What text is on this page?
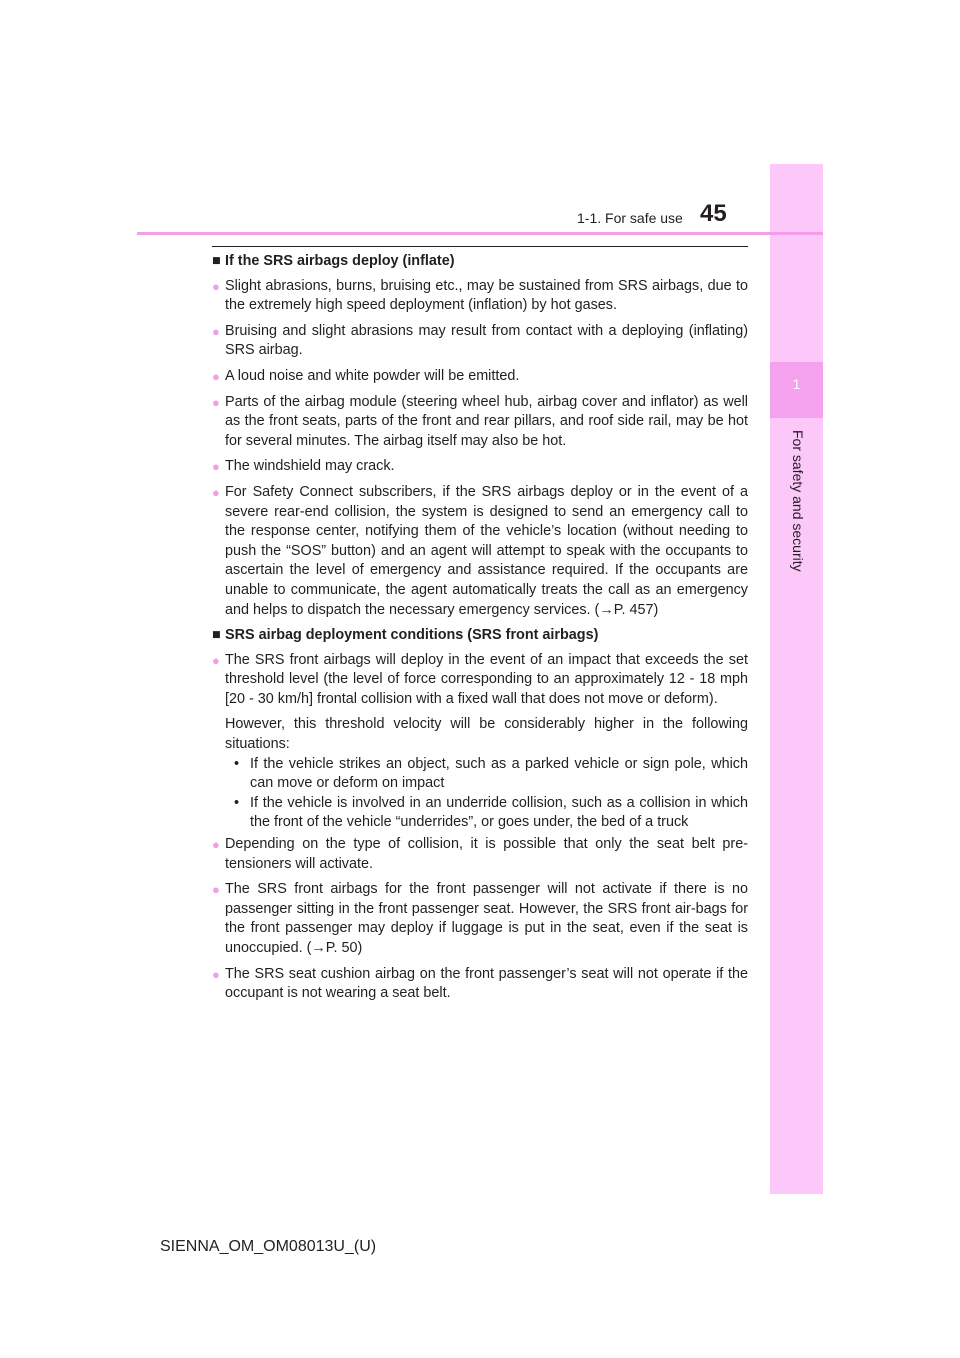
1
For safety and security
1-1. For safe use 45
■ If the SRS airbags deploy (inflate)
● Slight abrasions, burns, bruising etc., may be sustained from SRS airbags, due to the extremely high speed deployment (inflation) by hot gases.
● Bruising and slight abrasions may result from contact with a deploying (inflating) SRS airbag.
● A loud noise and white powder will be emitted.
● Parts of the airbag module (steering wheel hub, airbag cover and inflator) as well as the front seats, parts of the front and rear pillars, and roof side rail, may be hot for several minutes. The airbag itself may also be hot.
● The windshield may crack.
● For Safety Connect subscribers, if the SRS airbags deploy or in the event of a severe rear-end collision, the system is designed to send an emergency call to the response center, notifying them of the vehicle’s location (without needing to push the “SOS” button) and an agent will attempt to speak with the occupants to ascertain the level of emergency and assistance required. If the occupants are unable to communicate, the agent automatically treats the call as an emergency and helps to dispatch the necessary emergency services. (→P. 457)
■ SRS airbag deployment conditions (SRS front airbags)
● The SRS front airbags will deploy in the event of an impact that exceeds the set threshold level (the level of force corresponding to an approximately 12 - 18 mph [20 - 30 km/h] frontal collision with a fixed wall that does not move or deform).
However, this threshold velocity will be considerably higher in the following situations:
• If the vehicle strikes an object, such as a parked vehicle or sign pole, which can move or deform on impact
• If the vehicle is involved in an underride collision, such as a collision in which the front of the vehicle “underrides”, or goes under, the bed of a truck
● Depending on the type of collision, it is possible that only the seat belt pre-tensioners will activate.
● The SRS front airbags for the front passenger will not activate if there is no passenger sitting in the front passenger seat. However, the SRS front air-bags for the front passenger may deploy if luggage is put in the seat, even if the seat is unoccupied. (→P. 50)
● The SRS seat cushion airbag on the front passenger’s seat will not operate if the occupant is not wearing a seat belt.
SIENNA_OM_OM08013U_(U)
